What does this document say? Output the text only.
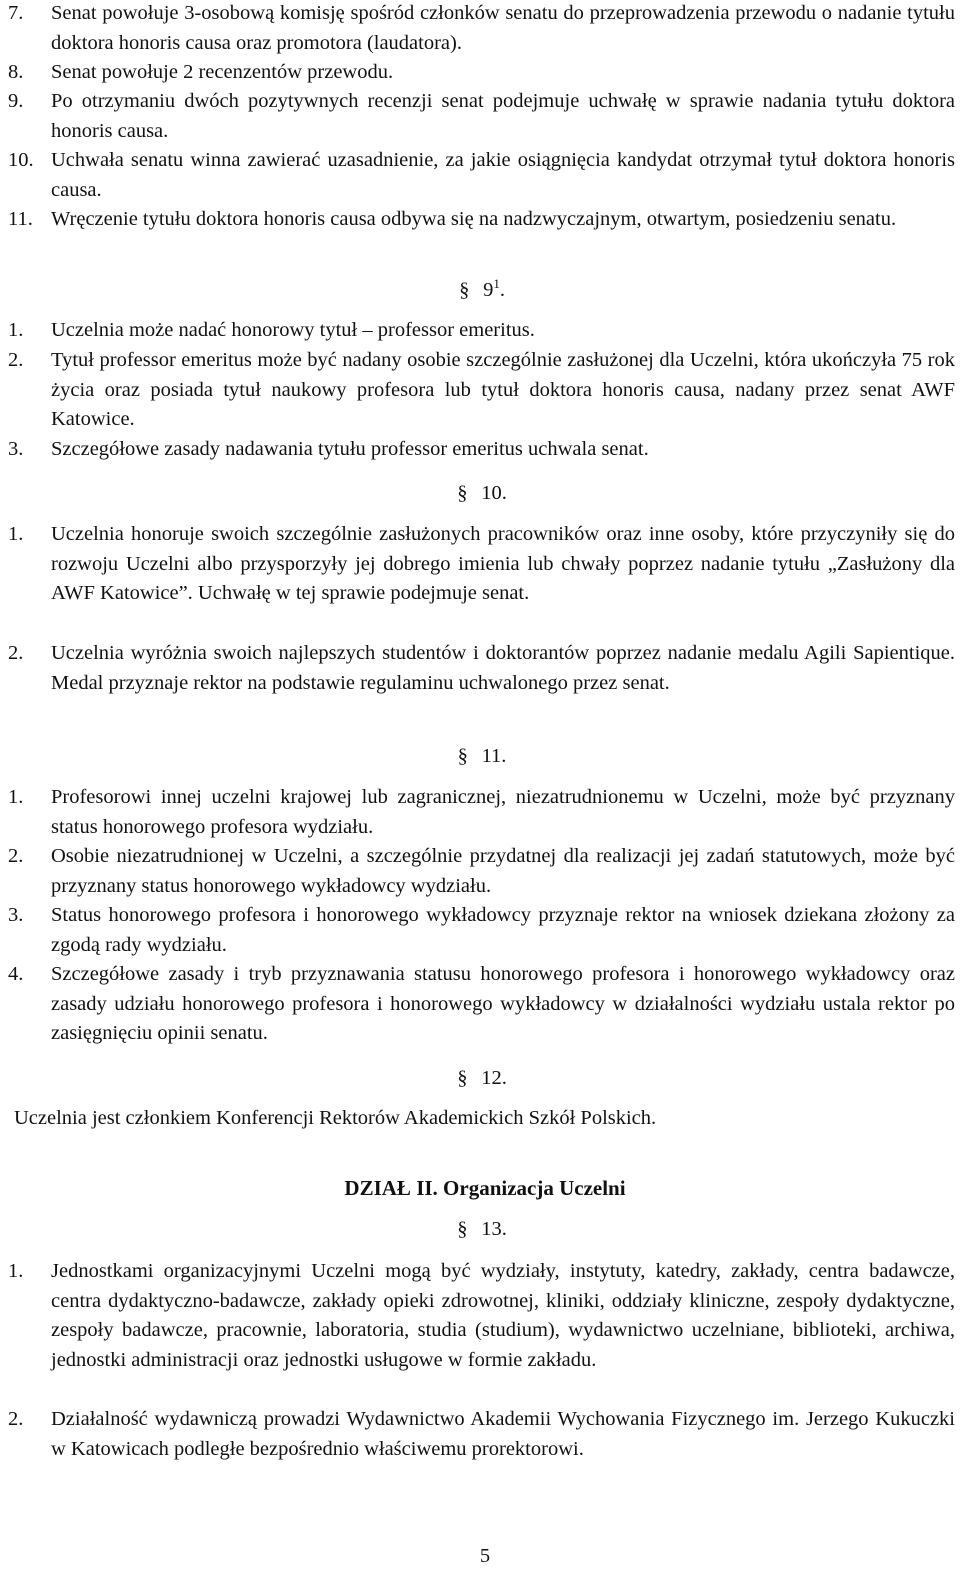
7. Senat powołuje 3-osobową komisję spośród członków senatu do przeprowadzenia przewodu o nadanie tytułu doktora honoris causa oraz promotora (laudatora).
8. Senat powołuje 2 recenzentów przewodu.
9. Po otrzymaniu dwóch pozytywnych recenzji senat podejmuje uchwałę w sprawie nadania tytułu doktora honoris causa.
10. Uchwała senatu winna zawierać uzasadnienie, za jakie osiągnięcia kandydat otrzymał tytuł doktora honoris causa.
11. Wręczenie tytułu doktora honoris causa odbywa się na nadzwyczajnym, otwartym, posiedzeniu senatu.
§ $9^1$.
1. Uczelnia może nadać honorowy tytuł – professor emeritus.
2. Tytuł professor emeritus może być nadany osobie szczególnie zasłużonej dla Uczelni, która ukończyła 75 rok życia oraz posiada tytuł naukowy profesora lub tytuł doktora honoris causa, nadany przez senat AWF Katowice.
3. Szczegółowe zasady nadawania tytułu professor emeritus uchwala senat.
§ 10.
1. Uczelnia honoruje swoich szczególnie zasłużonych pracowników oraz inne osoby, które przyczyniły się do rozwoju Uczelni albo przysporzyły jej dobrego imienia lub chwały poprzez nadanie tytułu „Zasłużony dla AWF Katowice”. Uchwałę w tej sprawie podejmuje senat.
2. Uczelnia wyróżnia swoich najlepszych studentów i doktorantów poprzez nadanie medalu Agili Sapientique. Medal przyznaje rektor na podstawie regulaminu uchwalonego przez senat.
§ 11.
1. Profesorowi innej uczelni krajowej lub zagranicznej, niezatrudnionemu w Uczelni, może być przyznany status honorowego profesora wydziału.
2. Osobie niezatrudnionej w Uczelni, a szczególnie przydatnej dla realizacji jej zadań statutowych, może być przyznany status honorowego wykładowcy wydziału.
3. Status honorowego profesora i honorowego wykładowcy przyznaje rektor na wniosek dziekana złożony za zgodą rady wydziału.
4. Szczegółowe zasady i tryb przyznawania statusu honorowego profesora i honorowego wykładowcy oraz zasady udziału honorowego profesora i honorowego wykładowcy w działalności wydziału ustala rektor po zasięgnięciu opinii senatu.
§ 12.
Uczelnia jest członkiem Konferencji Rektorów Akademickich Szkół Polskich.
DZIAŁ II. Organizacja Uczelni
§ 13.
1. Jednostkami organizacyjnymi Uczelni mogą być wydziały, instytuty, katedry, zakłady, centra badawcze, centra dydaktyczno-badawcze, zakłady opieki zdrowotnej, kliniki, oddziały kliniczne, zespoły dydaktyczne, zespoły badawcze, pracownie, laboratoria, studia (studium), wydawnictwo uczelniane, biblioteki, archiwa, jednostki administracji oraz jednostki usługowe w formie zakładu.
2. Działalność wydawniczą prowadzi Wydawnictwo Akademii Wychowania Fizycznego im. Jerzego Kukuczki w Katowicach podległe bezpośrednio właściwemu prorektorowi.
5
